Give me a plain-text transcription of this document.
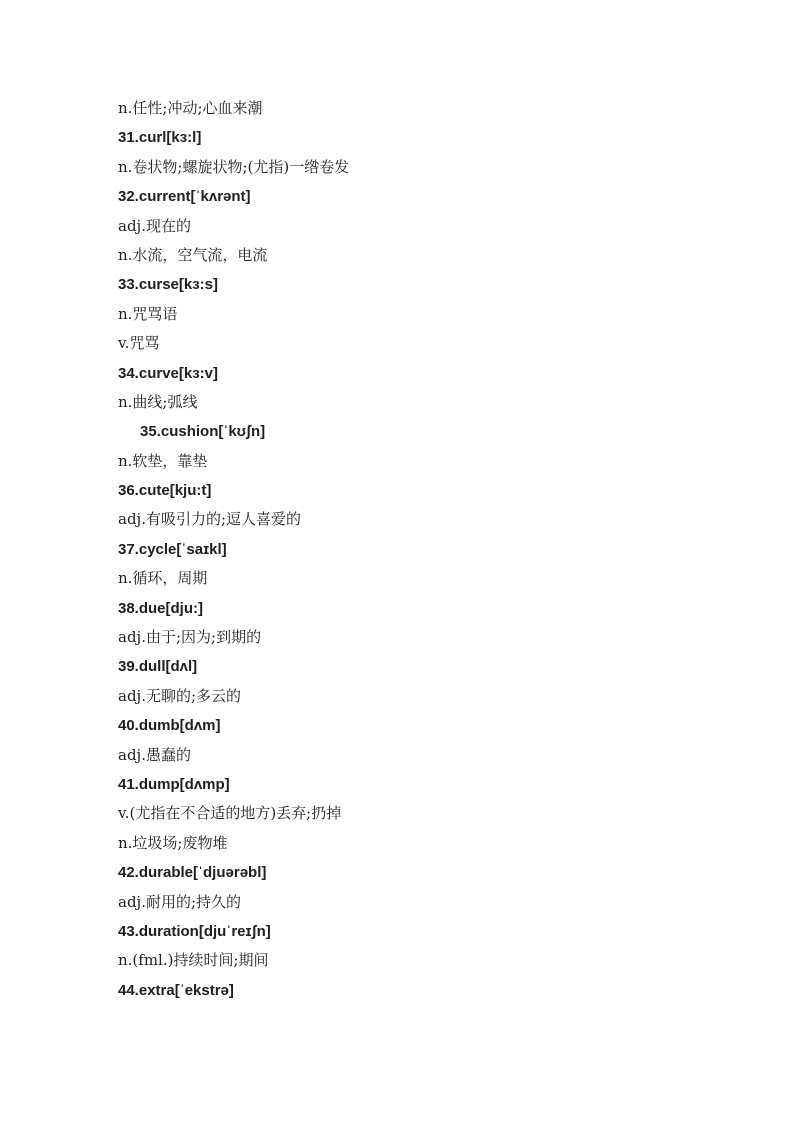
n.任性;冲动;心血来潮
31.curl[kɜ:l]
n.卷状物;螺旋状物;(尤指)一绺卷发
32.current[ˈkʌrənt]
adj.现在的
n.水流，空气流，电流
33.curse[kɜ:s]
n.咒骂语
v.咒骂
34.curve[kɜ:v]
n.曲线;弧线
35.cushion[ˈkʊʃn]
n.软垫，靠垫
36.cute[kju:t]
adj.有吸引力的;逗人喜爱的
37.cycle[ˈsaɪkl]
n.循环，周期
38.due[dju:]
adj.由于;因为;到期的
39.dull[dʌl]
adj.无聊的;多云的
40.dumb[dʌm]
adj.愚蠢的
41.dump[dʌmp]
v.(尤指在不合适的地方)丢弃;扔掉
n.垃圾场;废物堆
42.durable[ˈdjuərəbl]
adj.耐用的;持久的
43.duration[djuˈreɪʃn]
n.(fml.)持续时间;期间
44.extra[ˈekstrə]
